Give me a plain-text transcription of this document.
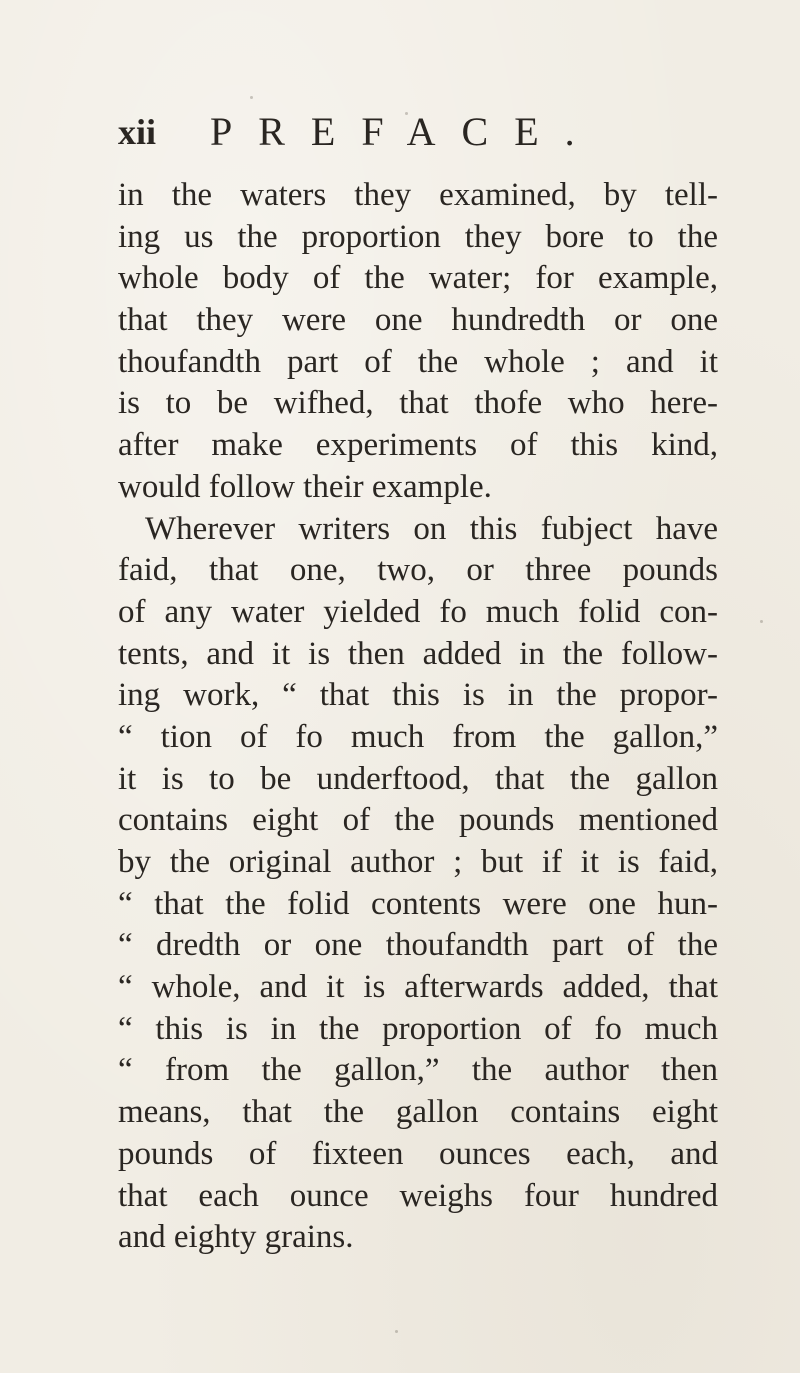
xii PREFACE.
in the waters they examined, by tell-
ing us the proportion they bore to the
whole body of the water; for example,
that they were one hundredth or one
thoufandth part of the whole ; and it
is to be wifhed, that thofe who here-
after make experiments of this kind,
would follow their example.
Wherever writers on this fubject have
faid, that one, two, or three pounds
of any water yielded fo much folid con-
tents, and it is then added in the follow-
ing work, “ that this is in the propor-
“ tion of fo much from the gallon,”
it is to be underftood, that the gallon
contains eight of the pounds mentioned
by the original author ; but if it is faid,
“ that the folid contents were one hun-
“ dredth or one thoufandth part of the
“ whole, and it is afterwards added, that
“ this is in the proportion of fo much
“ from the gallon,” the author then
means, that the gallon contains eight
pounds of fixteen ounces each, and
that each ounce weighs four hundred
and eighty grains.
